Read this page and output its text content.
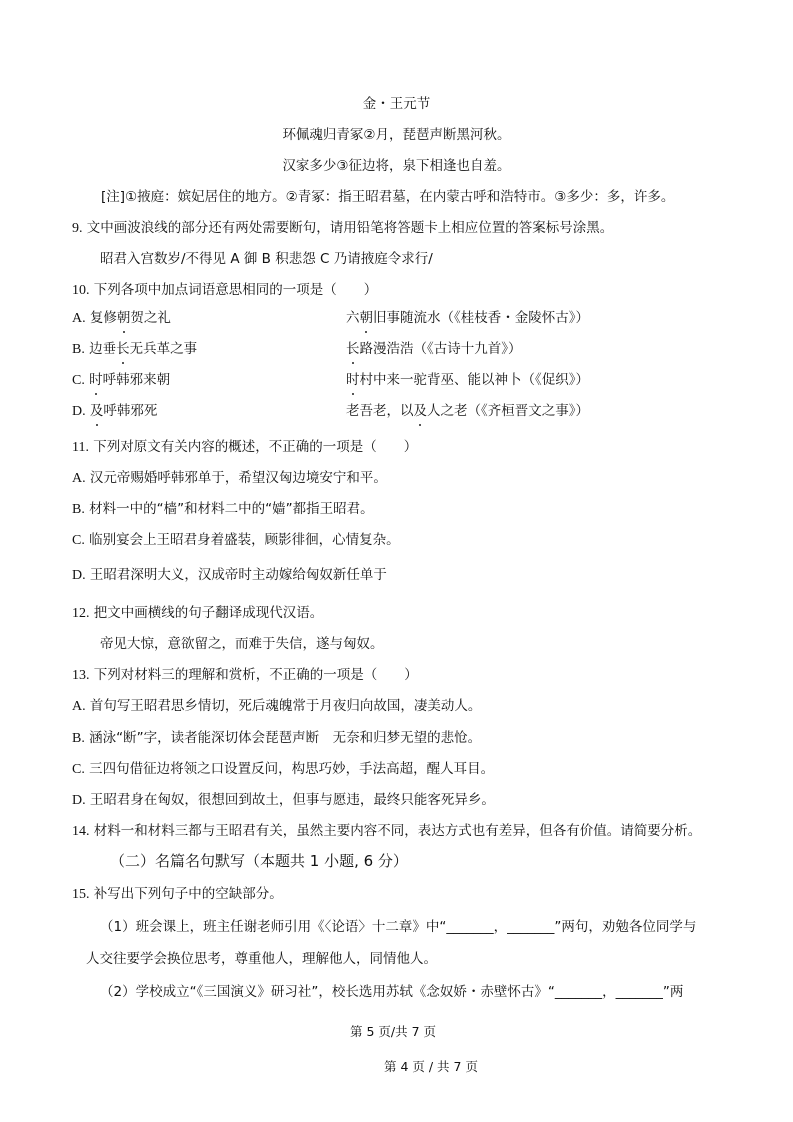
金・王元节
环佩魂归青冢②月，琵琶声断黑河秋。
汉家多少③征边将，泉下相逢也自羞。
[注]①掖庭：嫔妃居住的地方。②青冢：指王昭君墓，在内蒙古呼和浩特市。③多少：多，许多。
9. 文中画波浪线的部分还有两处需要断句，请用铅笔将答题卡上相应位置的答案标号涂黑。
昭君入宫数岁/不得见 A 御 B 积悲怨 C 乃请掖庭令求行/
10. 下列各项中加点词语意思相同的一项是（　　）
A. 复修朝贺之礼	六朝旧事随流水（《桂枝香・金陵怀古》）
B. 边垂长无兵革之事	长路漫浩浩（《古诗十九首》）
C. 时呼韩邪来朝	时村中来一驼背巫、能以神卜（《促织》）
D. 及呼韩邪死	老吾老，以及人之老（《齐桓晋文之事》）
11. 下列对原文有关内容的概述，不正确的一项是（　　）
A. 汉元帝赐婚呼韩邪单于，希望汉匈边境安宁和平。
B. 材料一中的“樯”和材料二中的“嫱”都指王昭君。
C. 临别宴会上王昭君身着盛装，顾影徘徊，心情复杂。
D. 王昭君深明大义，汉成帝时主动嫁给匈奴新任单于
12. 把文中画横线的句子翻译成现代汉语。
帝见大惊，意欲留之，而难于失信，遂与匈奴。
13. 下列对材料三的理解和赏析，不正确的一项是（　　）
A. 首句写王昭君思乡情切，死后魂魄常于月夜归向故国，凄美动人。
B. 涵泳“断”字，读者能深切体会琵琶声断　无奈和归梦无望的悲怆。
C. 三四句借征边将领之口设置反问，构思巧妙，手法高超，醒人耳目。
D. 王昭君身在匈奴，很想回到故土，但事与愿违，最终只能客死异乡。
14. 材料一和材料三都与王昭君有关，虽然主要内容不同，表达方式也有差异，但各有价值。请简要分析。
（二）名篇名句默写（本题共 1 小题, 6 分）
15. 补写出下列句子中的空缺部分。
（1）班会课上，班主任谢老师引用《〈论语〉十二章》中“_______，_______”两句，劝勉各位同学与
人交往要学会换位思考，尊重他人，理解他人，同情他人。
（2）学校成立“《三国演义》研习社”，校长选用苏轼《念奴娇・赤壁怀古》“_______，_______”两
第 5 页/共 7 页
第 4 页 / 共 7 页
